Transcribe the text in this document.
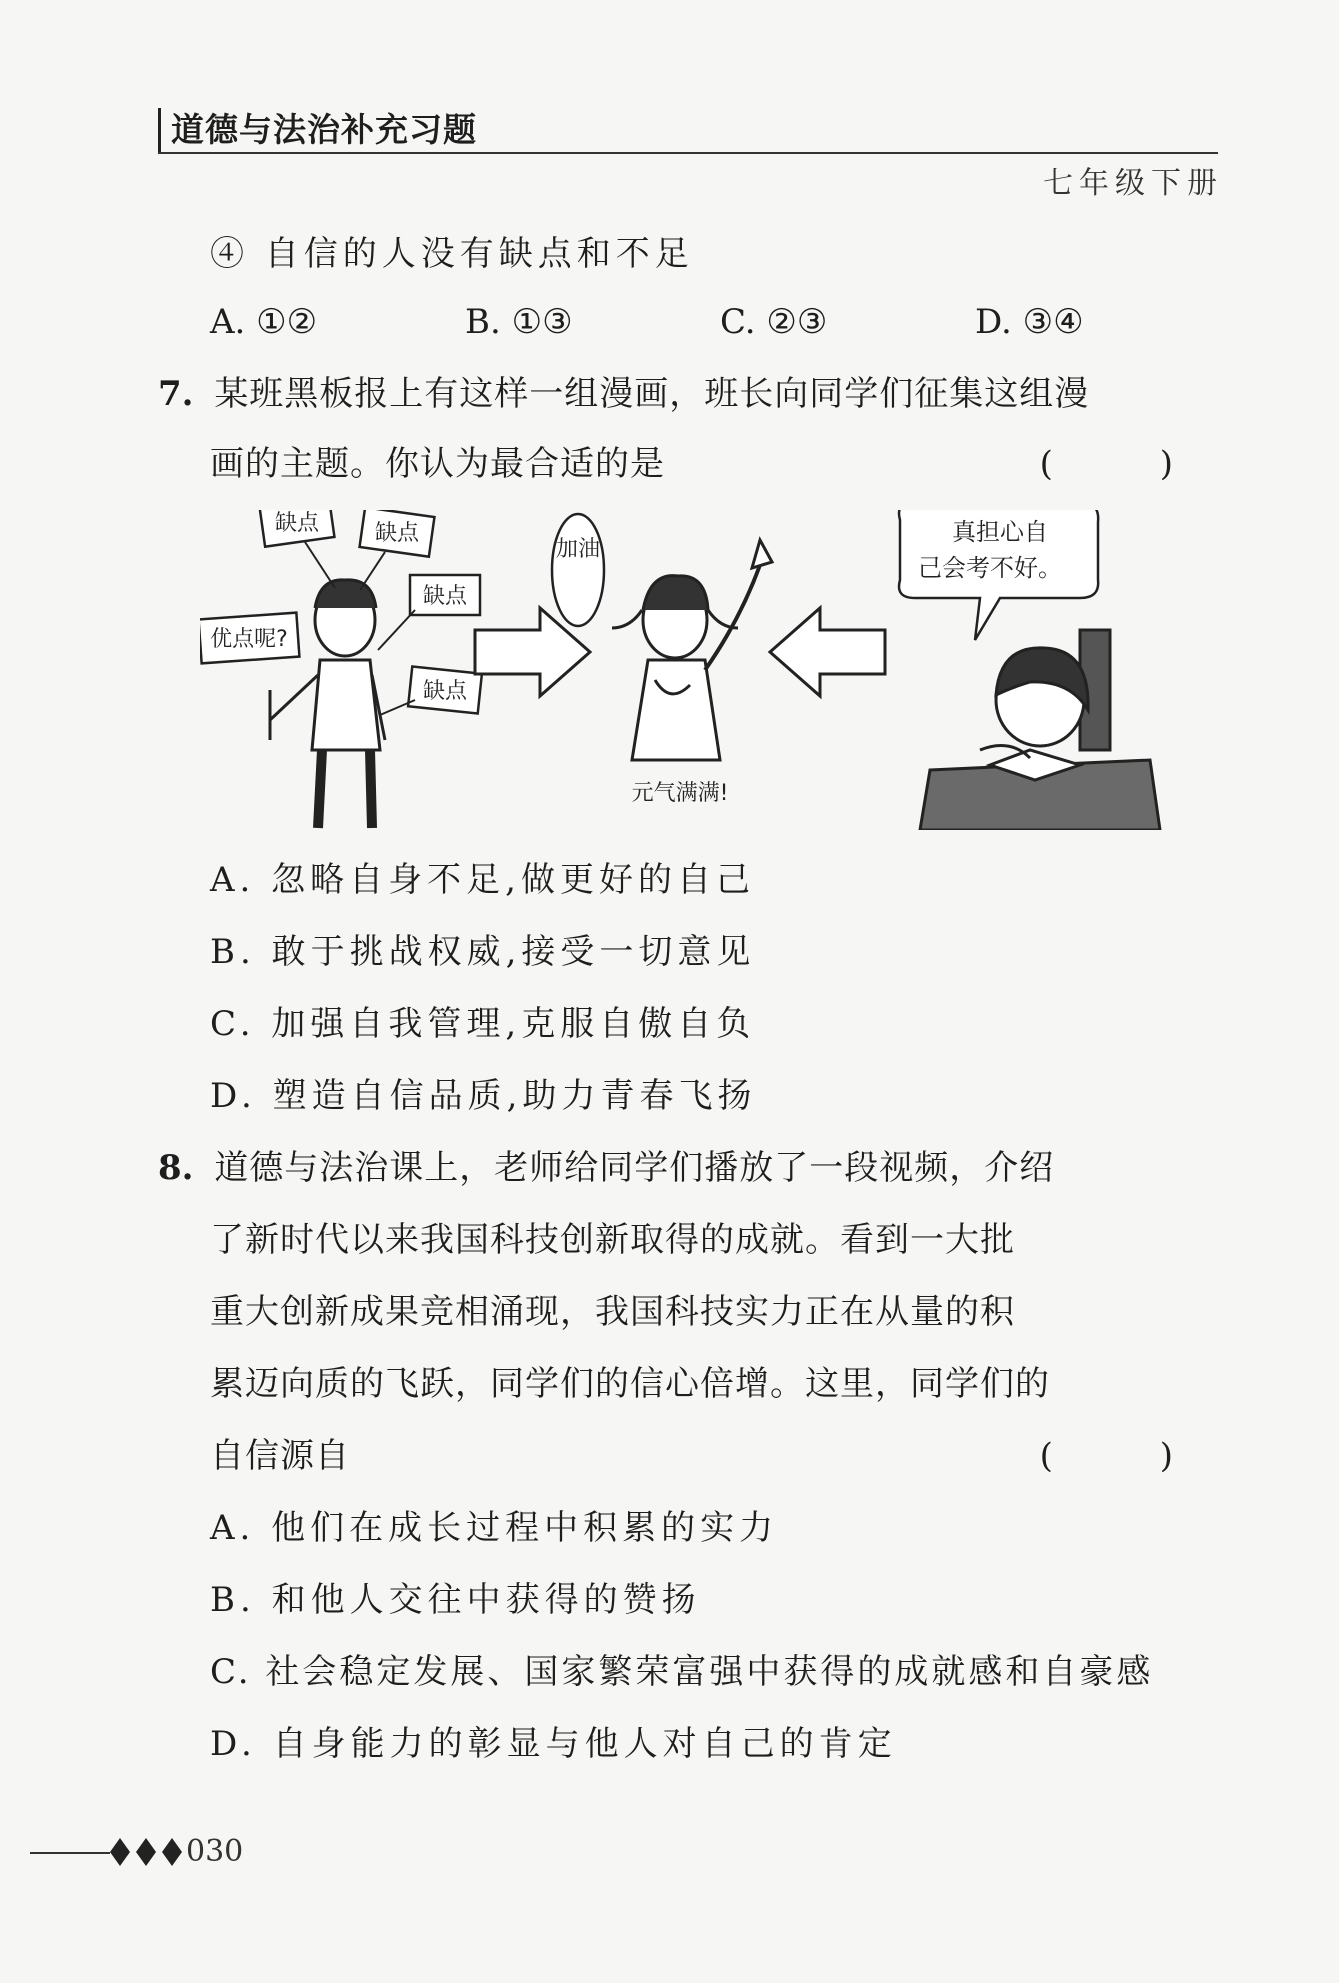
道德与法治补充习题
七年级下册
④ 自信的人没有缺点和不足
A. ①②	B. ①③	C. ②③	D. ③④
7. 某班黑板报上有这样一组漫画，班长向同学们征集这组漫
画的主题。你认为最合适的是	( )
缺点	缺点
缺点
缺点
优点呢?
加油
元气满满!
真担心自
己会考不好。
A. 忽略自身不足,做更好的自己
B. 敢于挑战权威,接受一切意见
C. 加强自我管理,克服自傲自负
D. 塑造自信品质,助力青春飞扬
8. 道德与法治课上，老师给同学们播放了一段视频，介绍
了新时代以来我国科技创新取得的成就。看到一大批
重大创新成果竞相涌现，我国科技实力正在从量的积
累迈向质的飞跃，同学们的信心倍增。这里，同学们的
自信源自	( )
A. 他们在成长过程中积累的实力
B. 和他人交往中获得的赞扬
C. 社会稳定发展、国家繁荣富强中获得的成就感和自豪感
D. 自身能力的彰显与他人对自己的肯定
030
